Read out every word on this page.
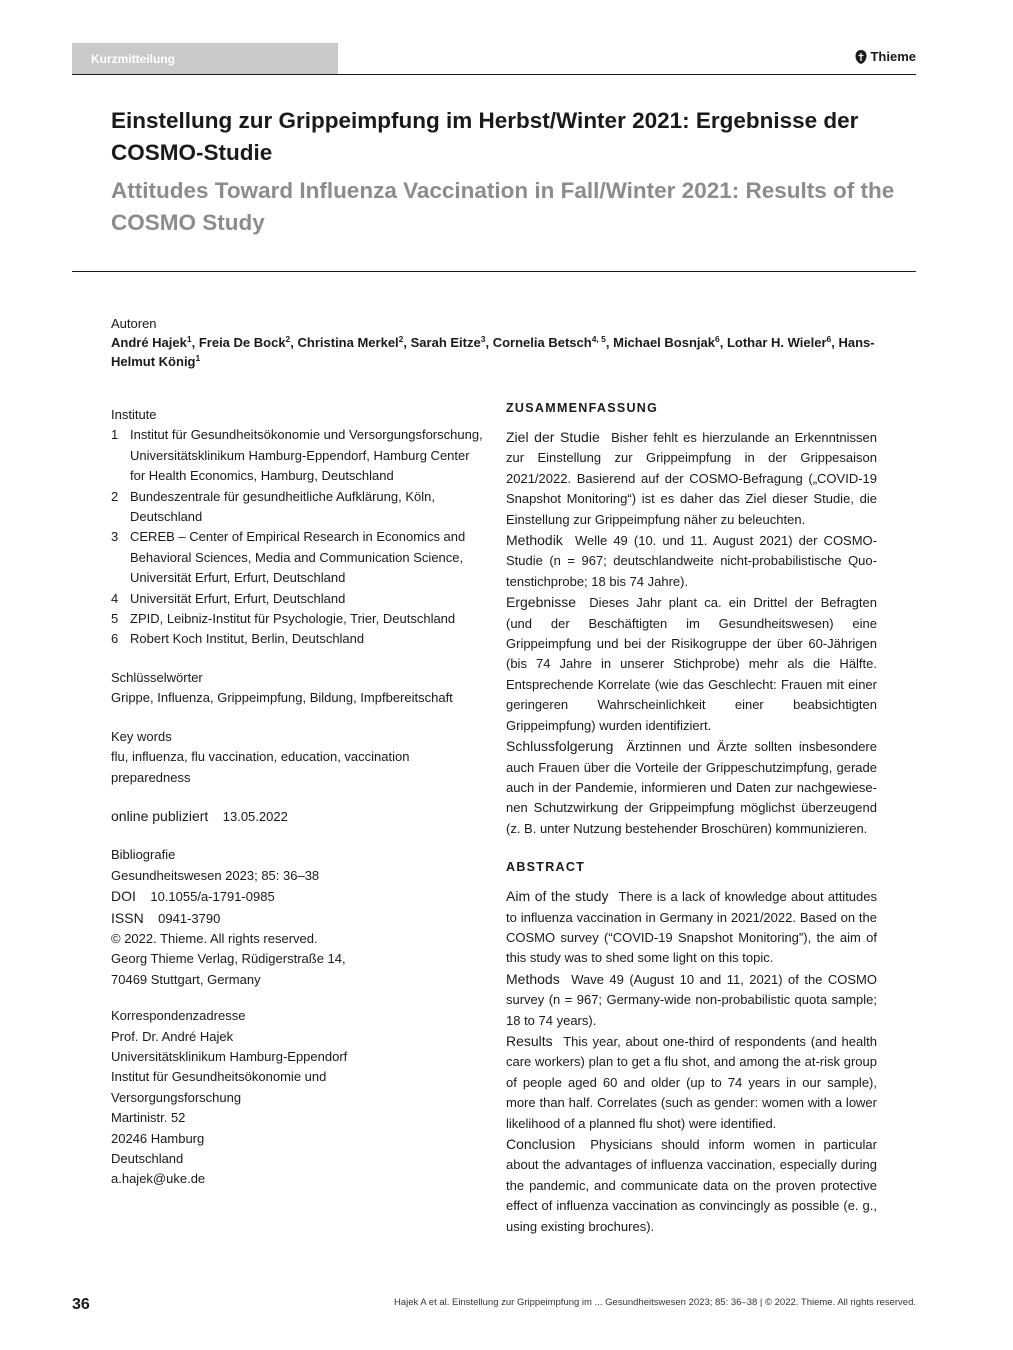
Kurzmitteilung	Thieme
Einstellung zur Grippeimpfung im Herbst/Winter 2021: Ergebnisse der COSMO-Studie
Attitudes Toward Influenza Vaccination in Fall/Winter 2021: Results of the COSMO Study
Autoren
André Hajek$^1$, Freia De Bock$^2$, Christina Merkel$^2$, Sarah Eitze$^3$, Cornelia Betsch$^{4, 5}$, Michael Bosnjak$^6$, Lothar H. Wieler$^6$, Hans-Helmut König$^1$

Institute

1 Institut für Gesundheitsökonomie und Versorgungsforschung, Universitätsklinikum Hamburg-Eppendorf, Hamburg Center for Health Economics, Hamburg, Deutschland
2 Bundeszentrale für gesundheitliche Aufklärung, Köln, Deutschland
3 CEREB – Center of Empirical Research in Economics and Behavioral Sciences, Media and Communication Science, Universität Erfurt, Erfurt, Deutschland
4 Universität Erfurt, Erfurt, Deutschland
5 ZPID, Leibniz-Institut für Psychologie, Trier, Deutschland
6 Robert Koch Institut, Berlin, Deutschland

Schlüsselwörter

Grippe, Influenza, Grippeimpfung, Bildung, Impfbereitschaft

Key words

flu, influenza, flu vaccination, education, vaccination preparedness

online publiziert 13.05.2022

Bibliografie

Gesundheitswesen 2023; 85: 36–38

DOI 10.1055/a-1791-0985

ISSN 0941-3790

© 2022. Thieme. All rights reserved.

Georg Thieme Verlag, Rüdigerstraße 14,

70469 Stuttgart, Germany

Korrespondenzadresse

Prof. Dr. André Hajek

Universitätsklinikum Hamburg-Eppendorf

Institut für Gesundheitsökonomie und

Versorgungsforschung

Martinistr. 52

20246 Hamburg

Deutschland

a.hajek@uke.de

ZUSAMMENFASSUNG

Ziel der Studie Bisher fehlt es hierzulande an Erkenntnissen zur Einstellung zur Grippeimpfung in der Grippesaison 2021/2022. Basierend auf der COSMO-Befragung („COVID-19 Snapshot Monitoring“) ist es daher das Ziel dieser Studie, die Einstellung zur Grippeimpfung näher zu beleuchten.

Methodik Welle 49 (10. und 11. August 2021) der COSMO-Studie (n = 967; deutschlandweite nicht-probabilistische Quotenstichprobe; 18 bis 74 Jahre).

Ergebnisse Dieses Jahr plant ca. ein Drittel der Befragten (und der Beschäftigten im Gesundheitswesen) eine Grippeimpfung und bei der Risikogruppe der über 60-Jährigen (bis 74 Jahre in unserer Stichprobe) mehr als die Hälfte. Entsprechende Korrelate (wie das Geschlecht: Frauen mit einer geringeren Wahrscheinlichkeit einer beabsichtigten Grippeimpfung) wurden identifiziert.

Schlussfolgerung Ärztinnen und Ärzte sollten insbesondere auch Frauen über die Vorteile der Grippeschutzimpfung, gerade auch in der Pandemie, informieren und Daten zur nachgewiesenen Schutzwirkung der Grippeimpfung möglichst überzeugend (z. B. unter Nutzung bestehender Broschüren) kommunizieren.

ABSTRACT

Aim of the study There is a lack of knowledge about attitudes to influenza vaccination in Germany in 2021/2022. Based on the COSMO survey (“COVID-19 Snapshot Monitoring”), the aim of this study was to shed some light on this topic.

Methods Wave 49 (August 10 and 11, 2021) of the COSMO survey (n = 967; Germany-wide non-probabilistic quota sample; 18 to 74 years).

Results This year, about one-third of respondents (and health care workers) plan to get a flu shot, and among the at-risk group of people aged 60 and older (up to 74 years in our sample), more than half. Correlates (such as gender: women with a lower likelihood of a planned flu shot) were identified.

Conclusion Physicians should inform women in particular about the advantages of influenza vaccination, especially during the pandemic, and communicate data on the proven protective effect of influenza vaccination as convincingly as possible (e. g., using existing brochures).

36	Hajek A et al. Einstellung zur Grippeimpfung im ... Gesundheitswesen 2023; 85: 36–38 | © 2022. Thieme. All rights reserved.
